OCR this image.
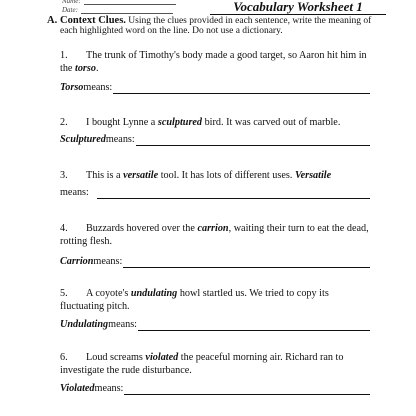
Name:
Date:	Vocabulary Worksheet 1
A. Context Clues. Using the clues provided in each sentence, write the meaning of each highlighted word on the line. Do not use a dictionary.
1.	The trunk of Timothy's body made a good target, so Aaron hit him in the torso.
Torso means:
2.	I bought Lynne a sculptured bird. It was carved out of marble.
Sculptured means:
3.	This is a versatile tool. It has lots of different uses. Versatile
means:
4.	Buzzards hovered over the carrion, waiting their turn to eat the dead, rotting flesh.
Carrion means:
5.	A coyote's undulating howl startled us. We tried to copy its fluctuating pitch.
Undulating means:
6.	Loud screams violated the peaceful morning air. Richard ran to investigate the rude disturbance.
Violated means:
